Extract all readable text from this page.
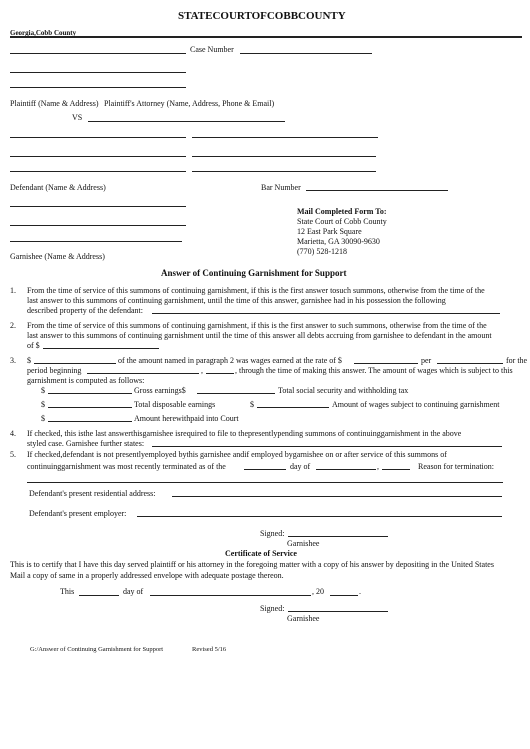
STATECOURTOFCOBBCOUNTY
Georgia,Cobb County
Case Number
Plaintiff (Name & Address) Plaintiff's Attorney (Name, Address, Phone & Email)
VS
Defendant (Name & Address)	Bar Number
Mail Completed Form To:
State Court of Cobb County
12 East Park Square
Marietta, GA 30090-9630
(770) 528-1218
Garnishee (Name & Address)
Answer of Continuing Garnishment for Support
1. From the time of service of this summons of continuing garnishment, if this is the first answer tosuch summons, otherwise from the time of the
last answer to this summons of continuing garnishment, until the time of this answer, garnishee had in his possession the following
described property of the defendant:
2. From the time of service of this summons of continuing garnishment, if this is the first answer to such summons, otherwise from the time of the
last answer to this summons of continuing garnishment until the time of this answer all debts accruing from garnishee to defendant in the amount
of $
3. $	of the amount named in paragraph 2 was wages earned at the rate of $	per	for the
period beginning	,	, through the time of making this answer. The amount of wages which is subject to this
garnishment is computed as follows:
$	Gross earnings$	Total social security and withholding tax
$	Total disposable earnings	$	Amount of wages subject to continuing garnishment
$	Amount herewithpaid into Court
4. If checked, this isthe last answerthisgarnishee isrequired to file to thepresentlypending summons of continuinggarnishment in the above
styled case. Garnishee further states:
5. If checked,defendant is not presentlyemployed bythis garnishee andif employed bygarnishee on or after service of this summons of
continuinggarnishment was most recently terminated as of the	day of	,	Reason for termination:
Defendant's present residential address:
Defendant's present employer:
Signed:
Garnishee
Certificate of Service
This is to certify that I have this day served plaintiff or his attorney in the foregoing matter with a copy of his answer by depositing in the United States
Mail a copy of same in a properly addressed envelope with adequate postage thereon.
This	day of	, 20	.
Signed:
Garnishee
G:/Answer of Continuing Garnishment for Support	Revised 5/16
